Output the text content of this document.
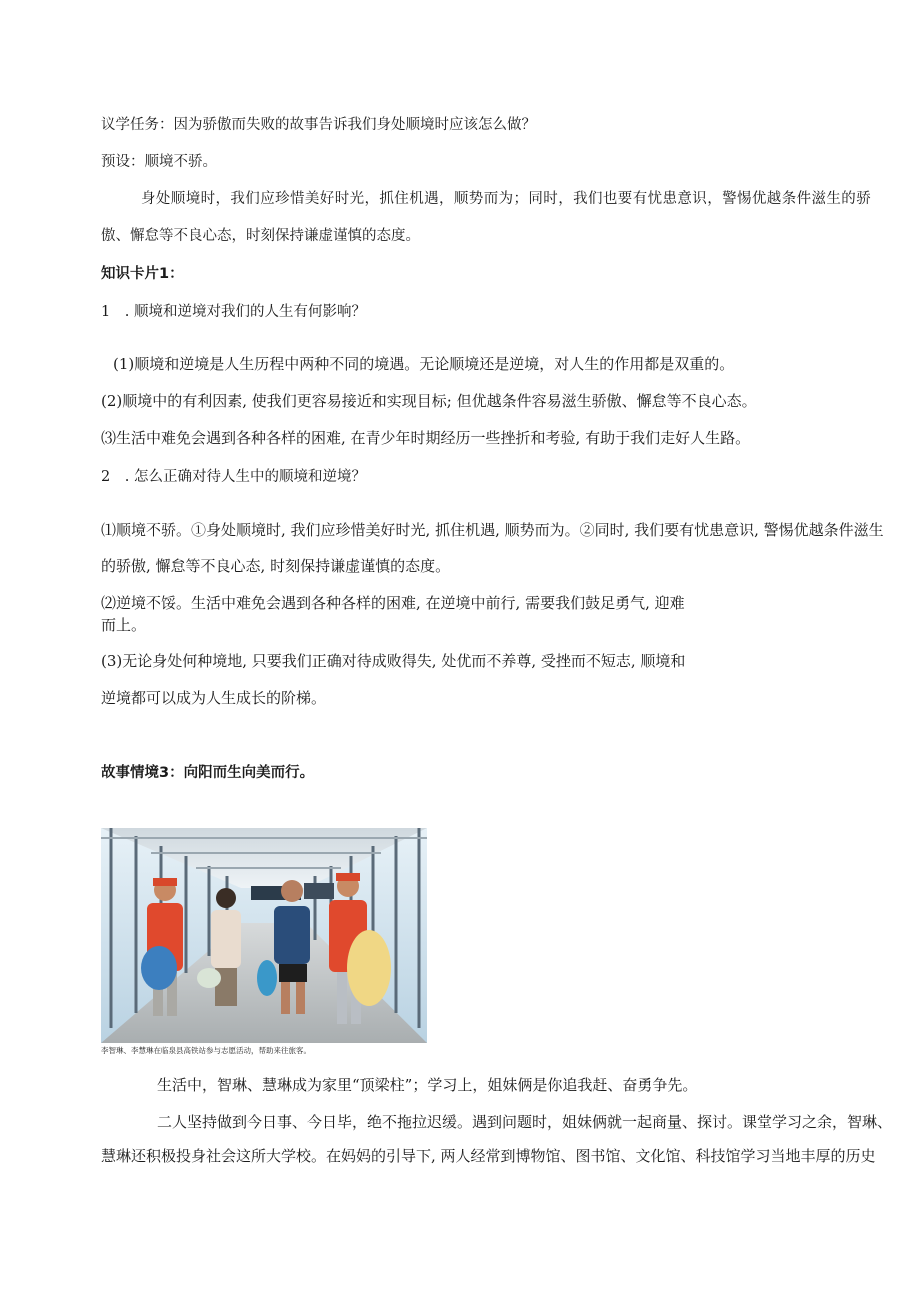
议学任务：因为骄傲而失败的故事告诉我们身处顺境时应该怎么做？
预设：顺境不骄。
身处顺境时，我们应珍惜美好时光，抓住机遇，顺势而为；同时，我们也要有忧患意识，警惕优越条件滋生的骄
傲、懈怠等不良心态，时刻保持谦虚谨慎的态度。
知识卡片1：
1　. 顺境和逆境对我们的人生有何影响？
(1)顺境和逆境是人生历程中两种不同的境遇。无论顺境还是逆境，对人生的作用都是双重的。
(2)顺境中的有利因素, 使我们更容易接近和实现目标; 但优越条件容易滋生骄傲、懈怠等不良心态。
⑶生活中难免会遇到各种各样的困难, 在青少年时期经历一些挫折和考验, 有助于我们走好人生路。
2　. 怎么正确对待人生中的顺境和逆境？
⑴顺境不骄。①身处顺境时, 我们应珍惜美好时光, 抓住机遇, 顺势而为。②同时, 我们要有忧患意识, 警惕优越条件滋生
的骄傲, 懈怠等不良心态, 时刻保持谦虚谨慎的态度。
⑵逆境不馁。生活中难免会遇到各种各样的困难, 在逆境中前行, 需要我们鼓足勇气, 迎难
而上。
(3)无论身处何种境地, 只要我们正确对待成败得失, 处优而不养尊, 受挫而不短志, 顺境和
逆境都可以成为人生成长的阶梯。
故事情境3：向阳而生向美而行。
李智琳、李慧琳在临泉县高铁站参与志愿活动，帮助来往旅客。
生活中，智琳、慧琳成为家里“顶梁柱”；学习上，姐妹俩是你追我赶、奋勇争先。
二人坚持做到今日事、今日毕，绝不拖拉迟缓。遇到问题时，姐妹俩就一起商量、探讨。课堂学习之余，智琳、
慧琳还积极投身社会这所大学校。在妈妈的引导下, 两人经常到博物馆、图书馆、文化馆、科技馆学习当地丰厚的历史
